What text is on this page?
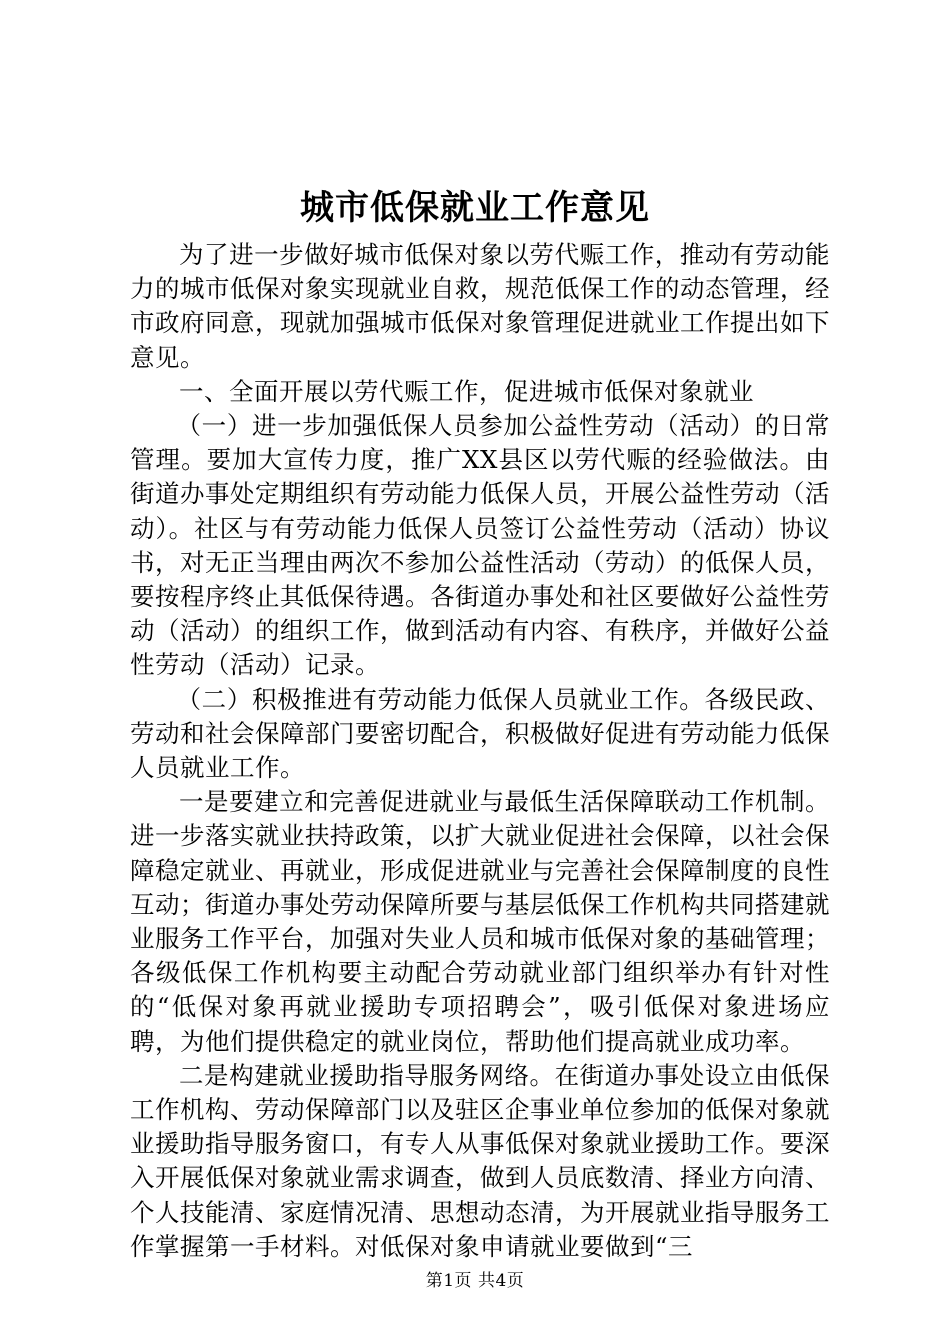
城市低保就业工作意见

为了进一步做好城市低保对象以劳代赈工作，推动有劳动能力的城市低保对象实现就业自救，规范低保工作的动态管理，经市政府同意，现就加强城市低保对象管理促进就业工作提出如下意见。

一、全面开展以劳代赈工作，促进城市低保对象就业

（一）进一步加强低保人员参加公益性劳动（活动）的日常管理。要加大宣传力度，推广XX县区以劳代赈的经验做法。由街道办事处定期组织有劳动能力低保人员，开展公益性劳动（活动）。社区与有劳动能力低保人员签订公益性劳动（活动）协议书，对无正当理由两次不参加公益性活动（劳动）的低保人员，要按程序终止其低保待遇。各街道办事处和社区要做好公益性劳动（活动）的组织工作，做到活动有内容、有秩序，并做好公益性劳动（活动）记录。

（二）积极推进有劳动能力低保人员就业工作。各级民政、劳动和社会保障部门要密切配合，积极做好促进有劳动能力低保人员就业工作。

一是要建立和完善促进就业与最低生活保障联动工作机制。进一步落实就业扶持政策，以扩大就业促进社会保障，以社会保障稳定就业、再就业，形成促进就业与完善社会保障制度的良性互动；街道办事处劳动保障所要与基层低保工作机构共同搭建就业服务工作平台，加强对失业人员和城市低保对象的基础管理；各级低保工作机构要主动配合劳动就业部门组织举办有针对性的“低保对象再就业援助专项招聘会”，吸引低保对象进场应聘，为他们提供稳定的就业岗位，帮助他们提高就业成功率。

二是构建就业援助指导服务网络。在街道办事处设立由低保工作机构、劳动保障部门以及驻区企事业单位参加的低保对象就业援助指导服务窗口，有专人从事低保对象就业援助工作。要深入开展低保对象就业需求调查，做到人员底数清、择业方向清、个人技能清、家庭情况清、思想动态清，为开展就业指导服务工作掌握第一手材料。对低保对象申请就业要做到“三

第1页 共4页
